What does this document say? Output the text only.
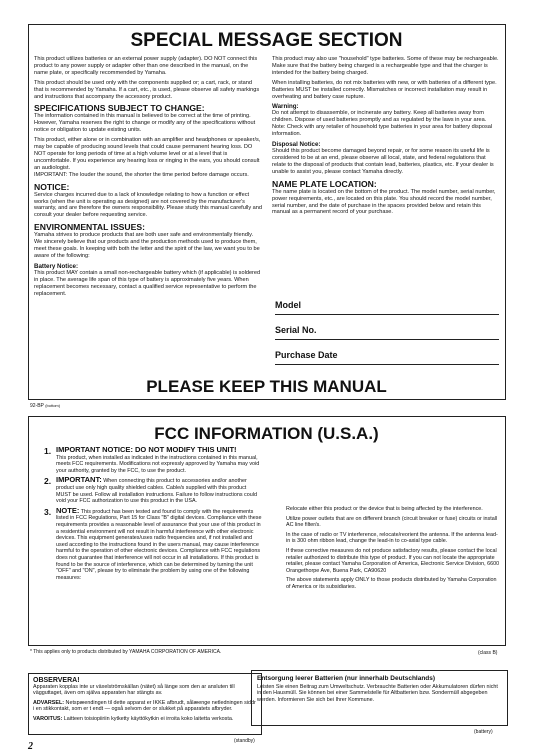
SPECIAL MESSAGE SECTION

This product utilizes batteries or an external power supply (adapter). DO NOT connect this product to any power supply or adapter other than one described in the manual, on the name plate, or specifically recommended by Yamaha.

This product should be used only with the components supplied or; a cart, rack, or stand that is recommended by Yamaha. If a cart, etc., is used, please observe all safety markings and instructions that accompany the accessory product.

SPECIFICATIONS SUBJECT TO CHANGE:

The information contained in this manual is believed to be correct at the time of printing. However, Yamaha reserves the right to change or modify any of the specifications without notice or obligation to update existing units.

This product, either alone or in combination with an amplifier and headphones or speaker/s, may be capable of producing sound levels that could cause permanent hearing loss. DO NOT operate for long periods of time at a high volume level or at a level that is uncomfortable. If you experience any hearing loss or ringing in the ears, you should consult an audiologist.

IMPORTANT: The louder the sound, the shorter the time period before damage occurs.

NOTICE:

Service charges incurred due to a lack of knowledge relating to how a function or effect works (when the unit is operating as designed) are not covered by the manufacturer's warranty, and are therefore the owners responsibility. Please study this manual carefully and consult your dealer before requesting service.

ENVIRONMENTAL ISSUES:

Yamaha strives to produce products that are both user safe and environmentally friendly. We sincerely believe that our products and the production methods used to produce them, meet these goals. In keeping with both the letter and the spirit of the law, we want you to be aware of the following:

Battery Notice:

This product MAY contain a small non-rechargeable battery which (if applicable) is soldered in place. The average life span of this type of battery is approximately five years. When replacement becomes necessary, contact a qualified service representative to perform the replacement.

This product may also use "household" type batteries. Some of these may be rechargeable. Make sure that the battery being charged is a rechargeable type and that the charger is intended for the battery being charged.

When installing batteries, do not mix batteries with new, or with batteries of a different type. Batteries MUST be installed correctly. Mismatches or incorrect installation may result in overheating and battery case rupture.

Warning:

Do not attempt to disassemble, or incinerate any battery. Keep all batteries away from children. Dispose of used batteries promptly and as regulated by the laws in your area. Note: Check with any retailer of household type batteries in your area for battery disposal information.

Disposal Notice:

Should this product become damaged beyond repair, or for some reason its useful life is considered to be at an end, please observe all local, state, and federal regulations that relate to the disposal of products that contain lead, batteries, plastics, etc. If your dealer is unable to assist you, please contact Yamaha directly.

NAME PLATE LOCATION:

The name plate is located on the bottom of the product. The model number, serial number, power requirements, etc., are located on this plate. You should record the model number, serial number, and the date of purchase in the spaces provided below and retain this manual as a permanent record of your purchase.

Model
Serial No.
Purchase Date
PLEASE KEEP THIS MANUAL
92-BP (bottom)
FCC INFORMATION (U.S.A.)
1. IMPORTANT NOTICE: DO NOT MODIFY THIS UNIT!
This product, when installed as indicated in the instructions contained in this manual, meets FCC requirements. Modifications not expressly approved by Yamaha may void your authority, granted by the FCC, to use the product.
2. IMPORTANT: When connecting this product to accessories and/or another product use only high quality shielded cables. Cable/s supplied with this product MUST be used. Follow all installation instructions. Failure to follow instructions could void your FCC authorization to use this product in the USA.
3. NOTE: This product has been tested and found to comply with the requirements listed in FCC Regulations, Part 15 for Class "B" digital devices. Compliance with these requirements provides a reasonable level of assurance that your use of this product in a residential environment will not result in harmful interference with other electronic devices. This equipment generates/uses radio frequencies and, if not installed and used according to the instructions found in the users manual, may cause interference harmful to the operation of other electronic devices. Compliance with FCC regulations does not guarantee that interference will not occur in all installations. If this product is found to be the source of interference, which can be determined by turning the unit "OFF" and "ON", please try to eliminate the problem by using one of the following measures:

Relocate either this product or the device that is being affected by the interference.

Utilize power outlets that are on different branch (circuit breaker or fuse) circuits or install AC line filter/s.

In the case of radio or TV interference, relocate/reorient the antenna. If the antenna lead-in is 300 ohm ribbon lead, change the lead-in to co-axial type cable.

If these corrective measures do not produce satisfactory results, please contact the local retailer authorized to distribute this type of product. If you can not locate the appropriate retailer, please contact Yamaha Corporation of America, Electronic Service Division, 6600 Orangethorpe Ave, Buena Park, CA90620

The above statements apply ONLY to those products distributed by Yamaha Corporation of America or its subsidiaries.

* This applies only to products distributed by YAMAHA CORPORATION OF AMERICA.	(class B)
OBSERVERA!

Apparaten kopplas inte ur växelströmskällan (nätet) så länge som den ar ansluten till vägguttaget, även om själva apparaten har stängts av.

ADVARSEL: Netspæendingen til dette apparat er IKKE afbrudt, sålæenge netledningen siddr i en stikkontakt, som er t endt — også selvom der or slukket på apparatets afbryder.

VAROITUS: Laitteen toisiopiiriin kytketty käyttökytkin ei irroita koko laitetta verkosta.

(standby)
Entsorgung leerer Batterien (nur innerhalb Deutschlands)

Leisten Sie einen Beitrag zum Umweltschutz. Verbrauchte Batterien oder Akkumulatoren dürfen nicht in den Hausmüll. Sie können bei einer Sammelstelle für Altbatterien bzw. Sondermüll abgegeben werden. Informieren Sie sich bei Ihrer Kommune.

(battery)
2
